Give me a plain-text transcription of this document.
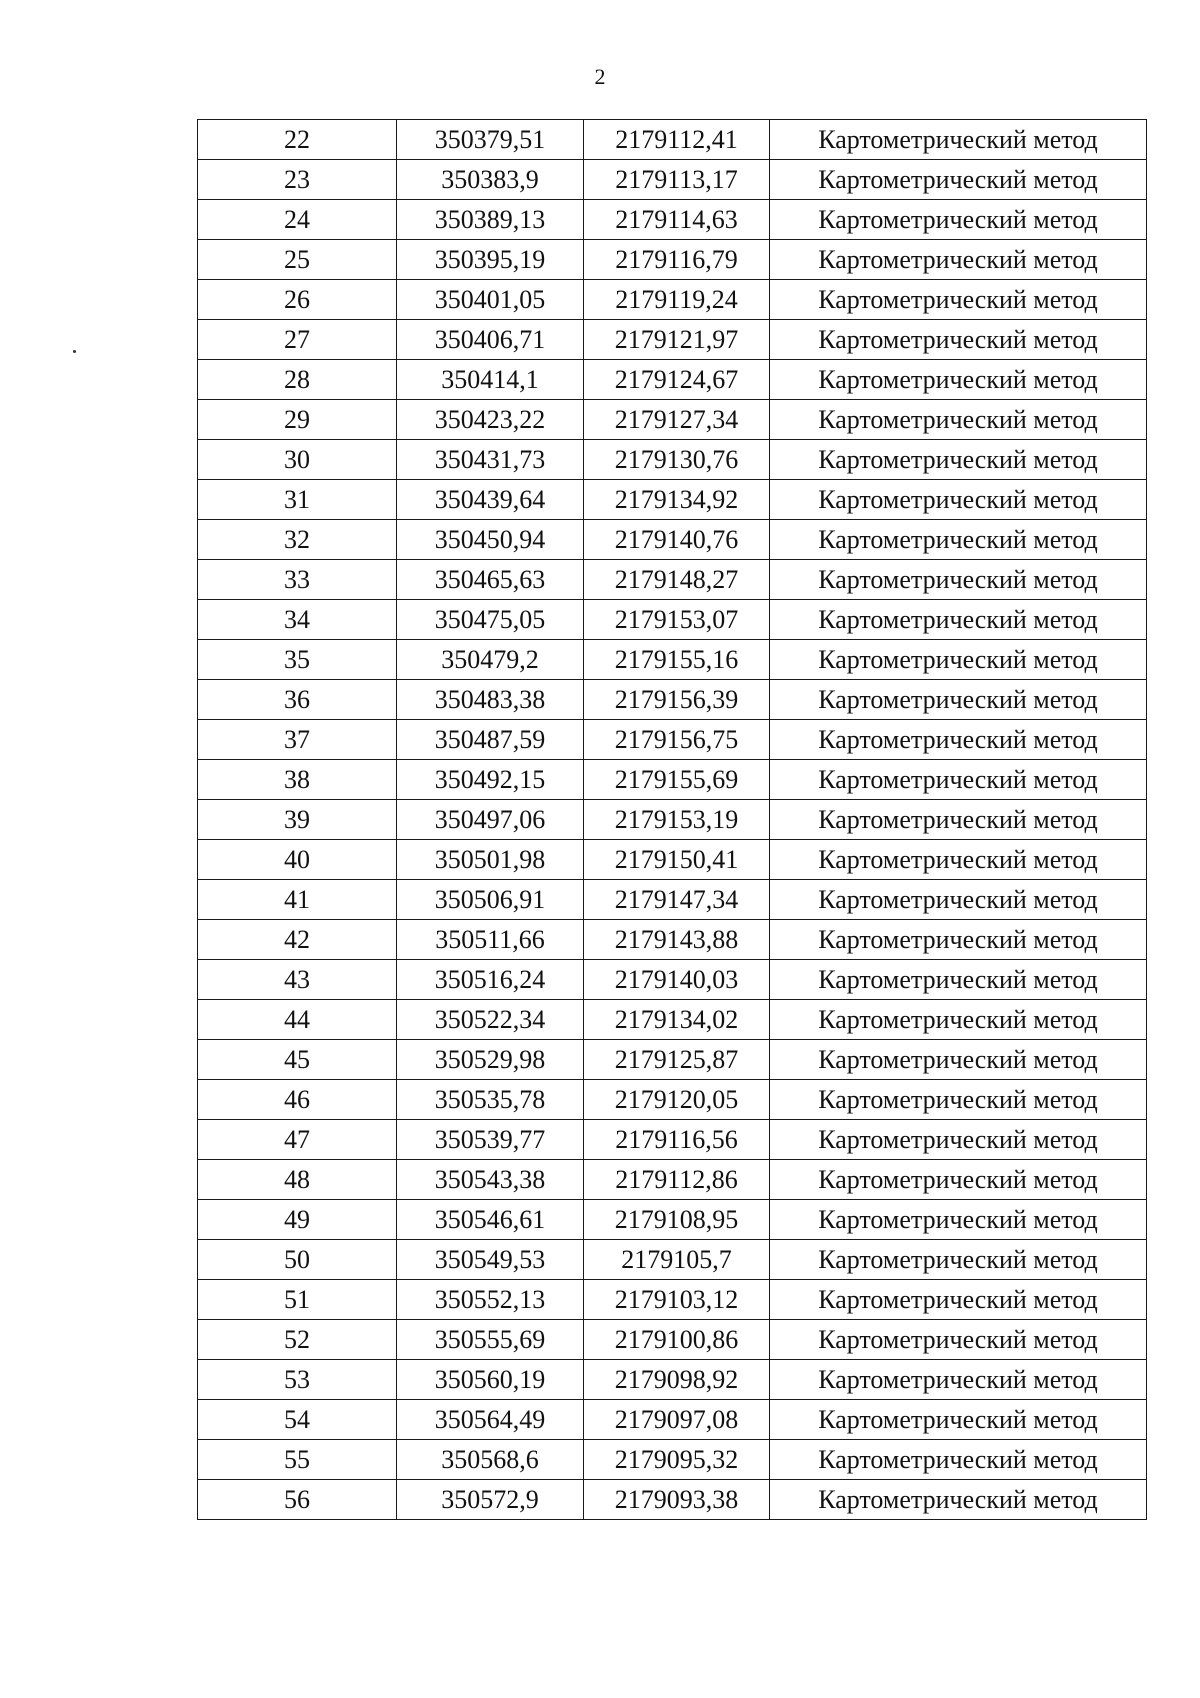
2
22	350379,51	2179112,41	Картометрический метод
23	350383,9	2179113,17	Картометрический метод
24	350389,13	2179114,63	Картометрический метод
25	350395,19	2179116,79	Картометрический метод
26	350401,05	2179119,24	Картометрический метод
27	350406,71	2179121,97	Картометрический метод
28	350414,1	2179124,67	Картометрический метод
29	350423,22	2179127,34	Картометрический метод
30	350431,73	2179130,76	Картометрический метод
31	350439,64	2179134,92	Картометрический метод
32	350450,94	2179140,76	Картометрический метод
33	350465,63	2179148,27	Картометрический метод
34	350475,05	2179153,07	Картометрический метод
35	350479,2	2179155,16	Картометрический метод
36	350483,38	2179156,39	Картометрический метод
37	350487,59	2179156,75	Картометрический метод
38	350492,15	2179155,69	Картометрический метод
39	350497,06	2179153,19	Картометрический метод
40	350501,98	2179150,41	Картометрический метод
41	350506,91	2179147,34	Картометрический метод
42	350511,66	2179143,88	Картометрический метод
43	350516,24	2179140,03	Картометрический метод
44	350522,34	2179134,02	Картометрический метод
45	350529,98	2179125,87	Картометрический метод
46	350535,78	2179120,05	Картометрический метод
47	350539,77	2179116,56	Картометрический метод
48	350543,38	2179112,86	Картометрический метод
49	350546,61	2179108,95	Картометрический метод
50	350549,53	2179105,7	Картометрический метод
51	350552,13	2179103,12	Картометрический метод
52	350555,69	2179100,86	Картометрический метод
53	350560,19	2179098,92	Картометрический метод
54	350564,49	2179097,08	Картометрический метод
55	350568,6	2179095,32	Картометрический метод
56	350572,9	2179093,38	Картометрический метод
